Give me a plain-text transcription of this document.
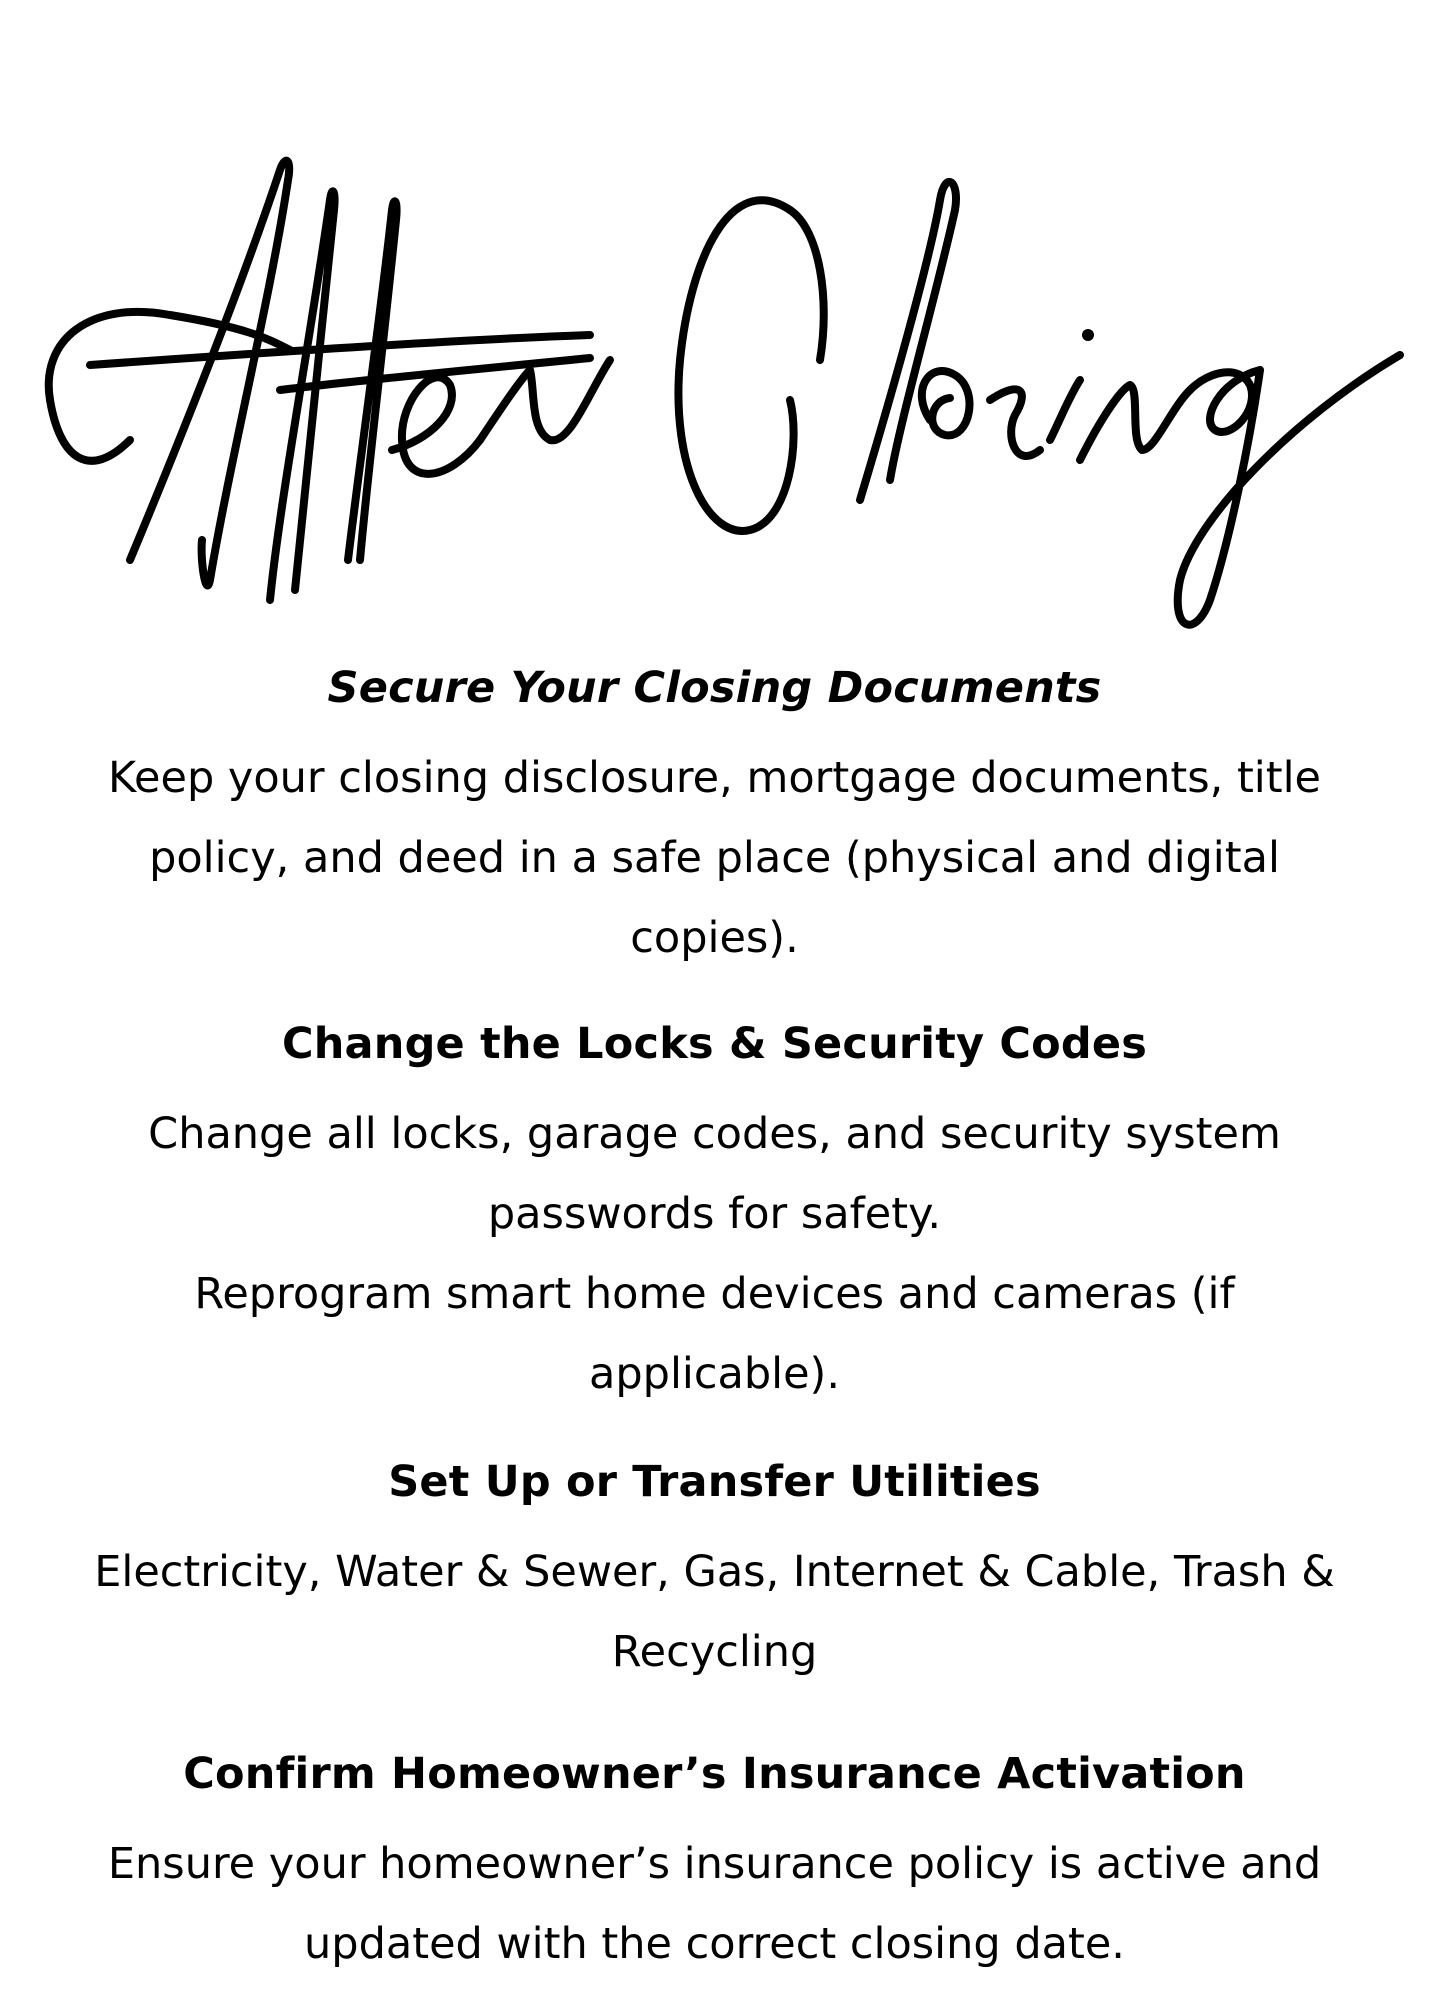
Secure Your Closing Documents

Keep your closing disclosure, mortgage documents, title
policy, and deed in a safe place (physical and digital
copies).

Change the Locks & Security Codes

Change all locks, garage codes, and security system
passwords for safety.
Reprogram smart home devices and cameras (if
applicable).

Set Up or Transfer Utilities

Electricity, Water & Sewer, Gas, Internet & Cable, Trash &
Recycling

Confirm Homeowner’s Insurance Activation

Ensure your homeowner’s insurance policy is active and
updated with the correct closing date.
